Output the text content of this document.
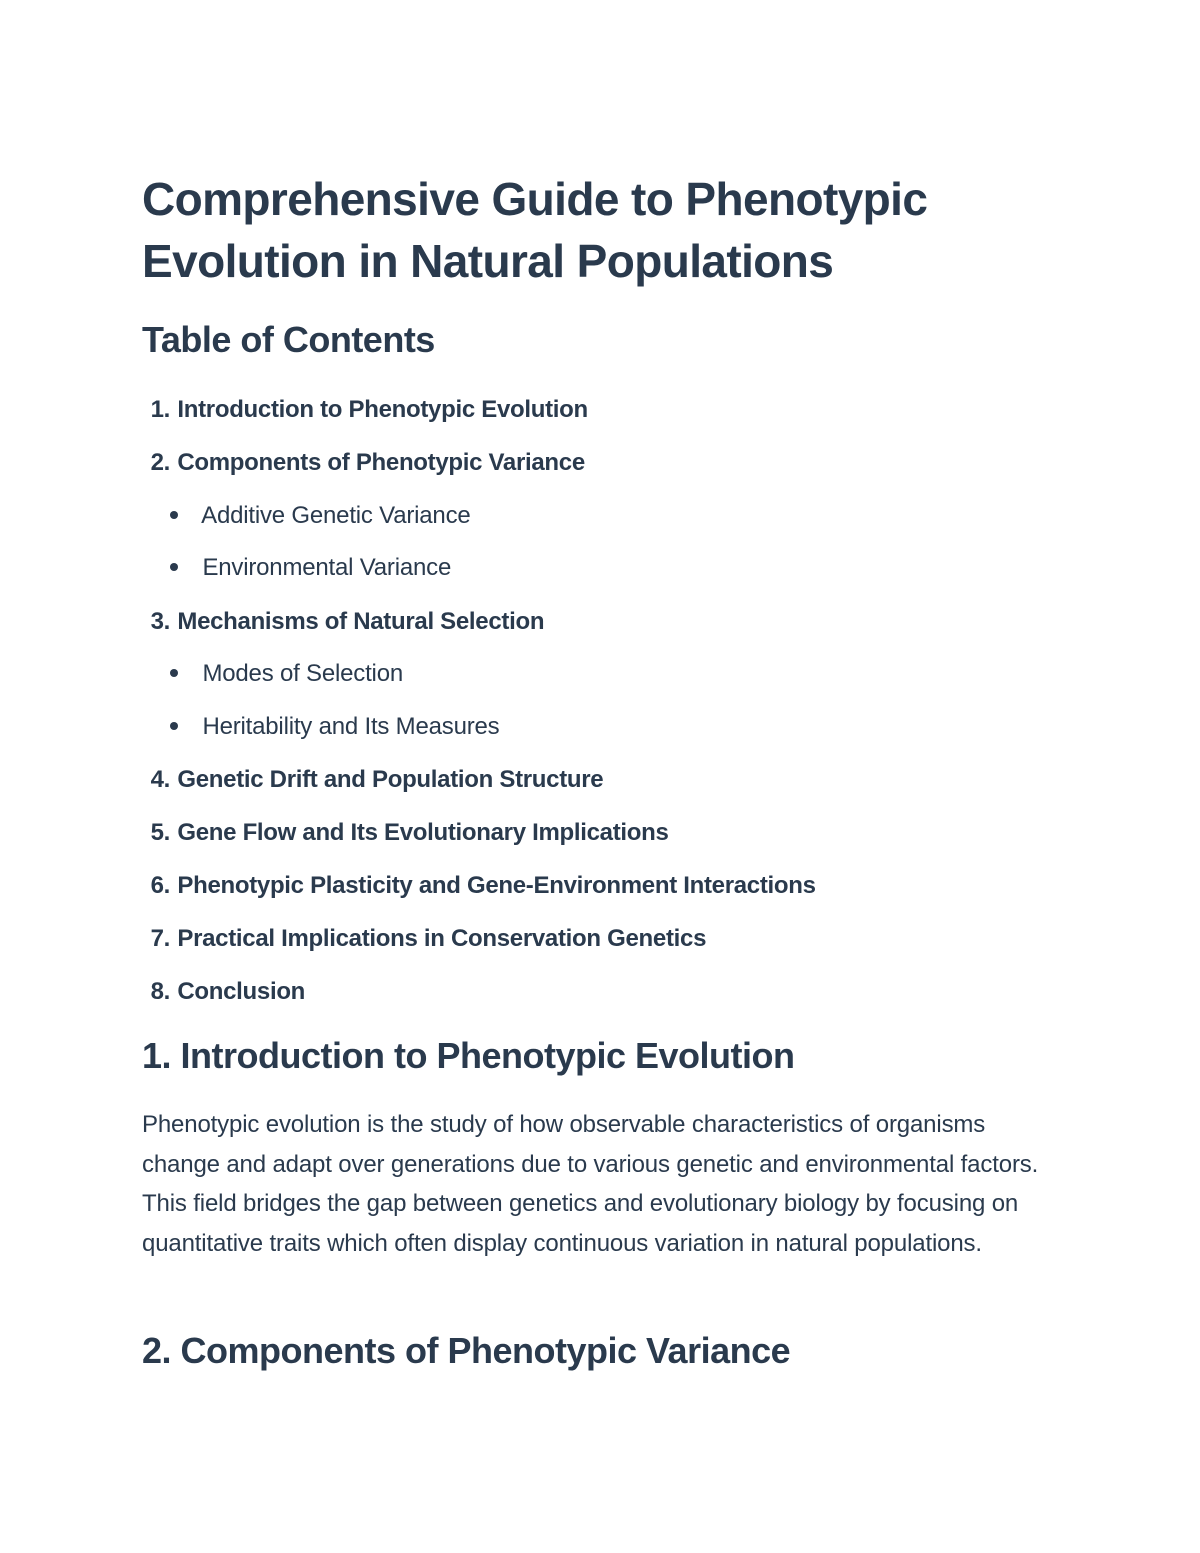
Comprehensive Guide to Phenotypic Evolution in Natural Populations
Table of Contents
1. Introduction to Phenotypic Evolution
2. Components of Phenotypic Variance
Additive Genetic Variance
Environmental Variance
3. Mechanisms of Natural Selection
Modes of Selection
Heritability and Its Measures
4. Genetic Drift and Population Structure
5. Gene Flow and Its Evolutionary Implications
6. Phenotypic Plasticity and Gene-Environment Interactions
7. Practical Implications in Conservation Genetics
8. Conclusion
1. Introduction to Phenotypic Evolution

Phenotypic evolution is the study of how observable characteristics of organisms change and adapt over generations due to various genetic and environmental factors. This field bridges the gap between genetics and evolutionary biology by focusing on quantitative traits which often display continuous variation in natural populations.

2. Components of Phenotypic Variance
